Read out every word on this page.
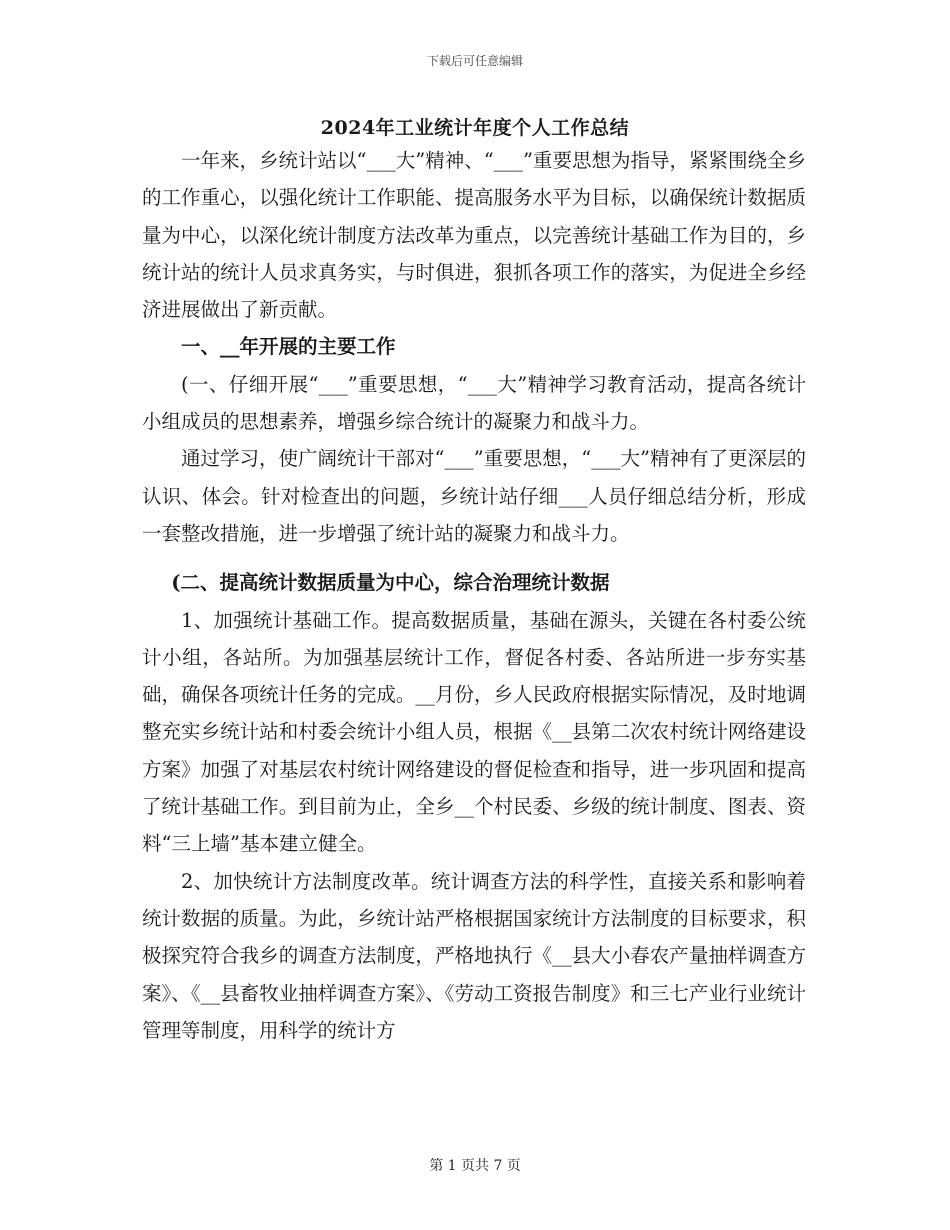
下载后可任意编辑
2024年工业统计年度个人工作总结

一年来，乡统计站以“___大”精神、“___”重要思想为指导，紧紧围绕全乡的工作重心，以强化统计工作职能、提高服务水平为目标，以确保统计数据质量为中心，以深化统计制度方法改革为重点，以完善统计基础工作为目的，乡统计站的统计人员求真务实，与时俱进，狠抓各项工作的落实，为促进全乡经济进展做出了新贡献。

一、__年开展的主要工作

(一、仔细开展“___”重要思想，“___大”精神学习教育活动，提高各统计小组成员的思想素养，增强乡综合统计的凝聚力和战斗力。

通过学习，使广阔统计干部对“___”重要思想，“___大”精神有了更深层的认识、体会。针对检查出的问题，乡统计站仔细___人员仔细总结分析，形成一套整改措施，进一步增强了统计站的凝聚力和战斗力。

(二、提高统计数据质量为中心，综合治理统计数据

1、加强统计基础工作。提高数据质量，基础在源头，关键在各村委公统计小组，各站所。为加强基层统计工作，督促各村委、各站所进一步夯实基础，确保各项统计任务的完成。__月份，乡人民政府根据实际情况，及时地调整充实乡统计站和村委会统计小组人员，根据《__县第二次农村统计网络建设方案》加强了对基层农村统计网络建设的督促检查和指导，进一步巩固和提高了统计基础工作。到目前为止，全乡__个村民委、乡级的统计制度、图表、资料“三上墙”基本建立健全。

2、加快统计方法制度改革。统计调查方法的科学性，直接关系和影响着统计数据的质量。为此，乡统计站严格根据国家统计方法制度的目标要求，积极探究符合我乡的调查方法制度，严格地执行《__县大小春农产量抽样调查方案》、《__县畜牧业抽样调查方案》、《劳动工资报告制度》和三七产业行业统计管理等制度，用科学的统计方

第 1 页共 7 页
